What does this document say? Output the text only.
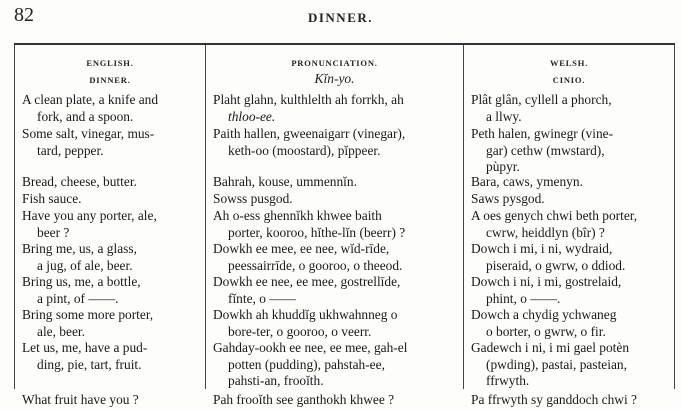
82	DINNER.
ENGLISH.
DINNER.
A clean plate, a knife and
fork, and a spoon.
Some salt, vinegar, mus-
tard, pepper.
Bread, cheese, butter.
Fish sauce.
Have you any porter, ale,
beer ?
Bring me, us, a glass,
a jug, of ale, beer.
Bring us, me, a bottle,
a pint, of ——.
Bring some more porter,
ale, beer.
Let us, me, have a pud-
ding, pie, tart, fruit.
What fruit have you ?
PRONUNCIATION.
Kĭn-yo.
Plaht glahn, kulthlelth ah forrkh, ah
thloo-ee.
Paith hallen, gweenaigarr (vinegar),
keth-oo (moostard), pĭppeer.
Bahrah, kouse, ummennĭn.
Sowss pusgod.
Ah o-ess ghennĭkh khwee baith
porter, kooroo, hĭthe-lĭn (beerr) ?
Dowkh ee mee, ee nee, wĭd-rīde,
peessairrīde, o gooroo, o theeod.
Dowkh ee nee, ee mee, gostrellīde,
fĭnte, o ——
Dowkh ah khuddĭg ukhwahnneg o
bore-ter, o gooroo, o veerr.
Gahday-ookh ee nee, ee mee, gah-el
potten (pudding), pahstah-ee,
pahsti-an, frooĭth.
Pah frooĭth see ganthokh khwee ?
WELSH.
CINIO.
Plât glân, cyllell a phorch,
a llwy.
Peth halen, gwinegr (vine-
gar) cethw (mwstard),
pùpyr.
Bara, caws, ymenyn.
Saws pysgod.
A oes genych chwi beth porter,
cwrw, heiddlyn (bîr) ?
Dowch i mi, i ni, wydraid,
piseraid, o gwrw, o ddiod.
Dowch i ni, i mi, gostrelaid,
phint, o ——.
Dowch a chydig ychwaneg
o borter, o gwrw, o fir.
Gadewch i ni, i mi gael potèn
(pwding), pastai, pasteian,
ffrwyth.
Pa ffrwyth sy ganddoch chwi ?
